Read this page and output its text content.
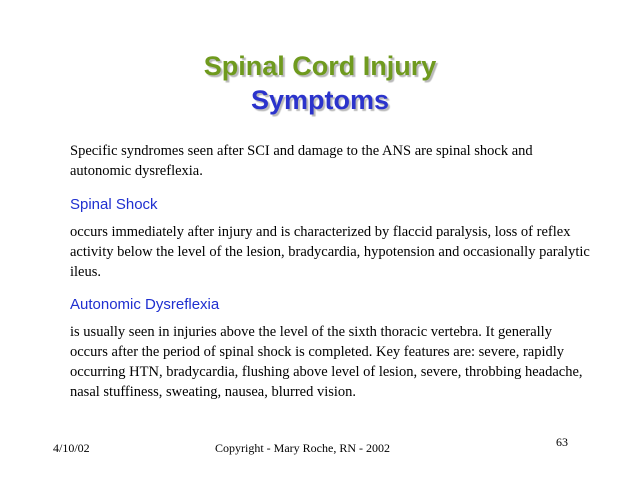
Spinal Cord Injury
Symptoms
Specific syndromes seen after SCI and damage to the ANS are spinal shock and autonomic dysreflexia.
Spinal Shock
occurs immediately after injury and is characterized by flaccid paralysis, loss of reflex activity below the level of the lesion, bradycardia, hypotension and occasionally paralytic ileus.
Autonomic Dysreflexia
is usually seen in injuries above the level of the sixth thoracic vertebra. It generally occurs after the period of spinal shock is completed. Key features are: severe, rapidly occurring HTN, bradycardia, flushing above level of lesion, severe, throbbing headache, nasal stuffiness, sweating, nausea, blurred vision.
4/10/02	Copyright - Mary Roche, RN - 2002	63
